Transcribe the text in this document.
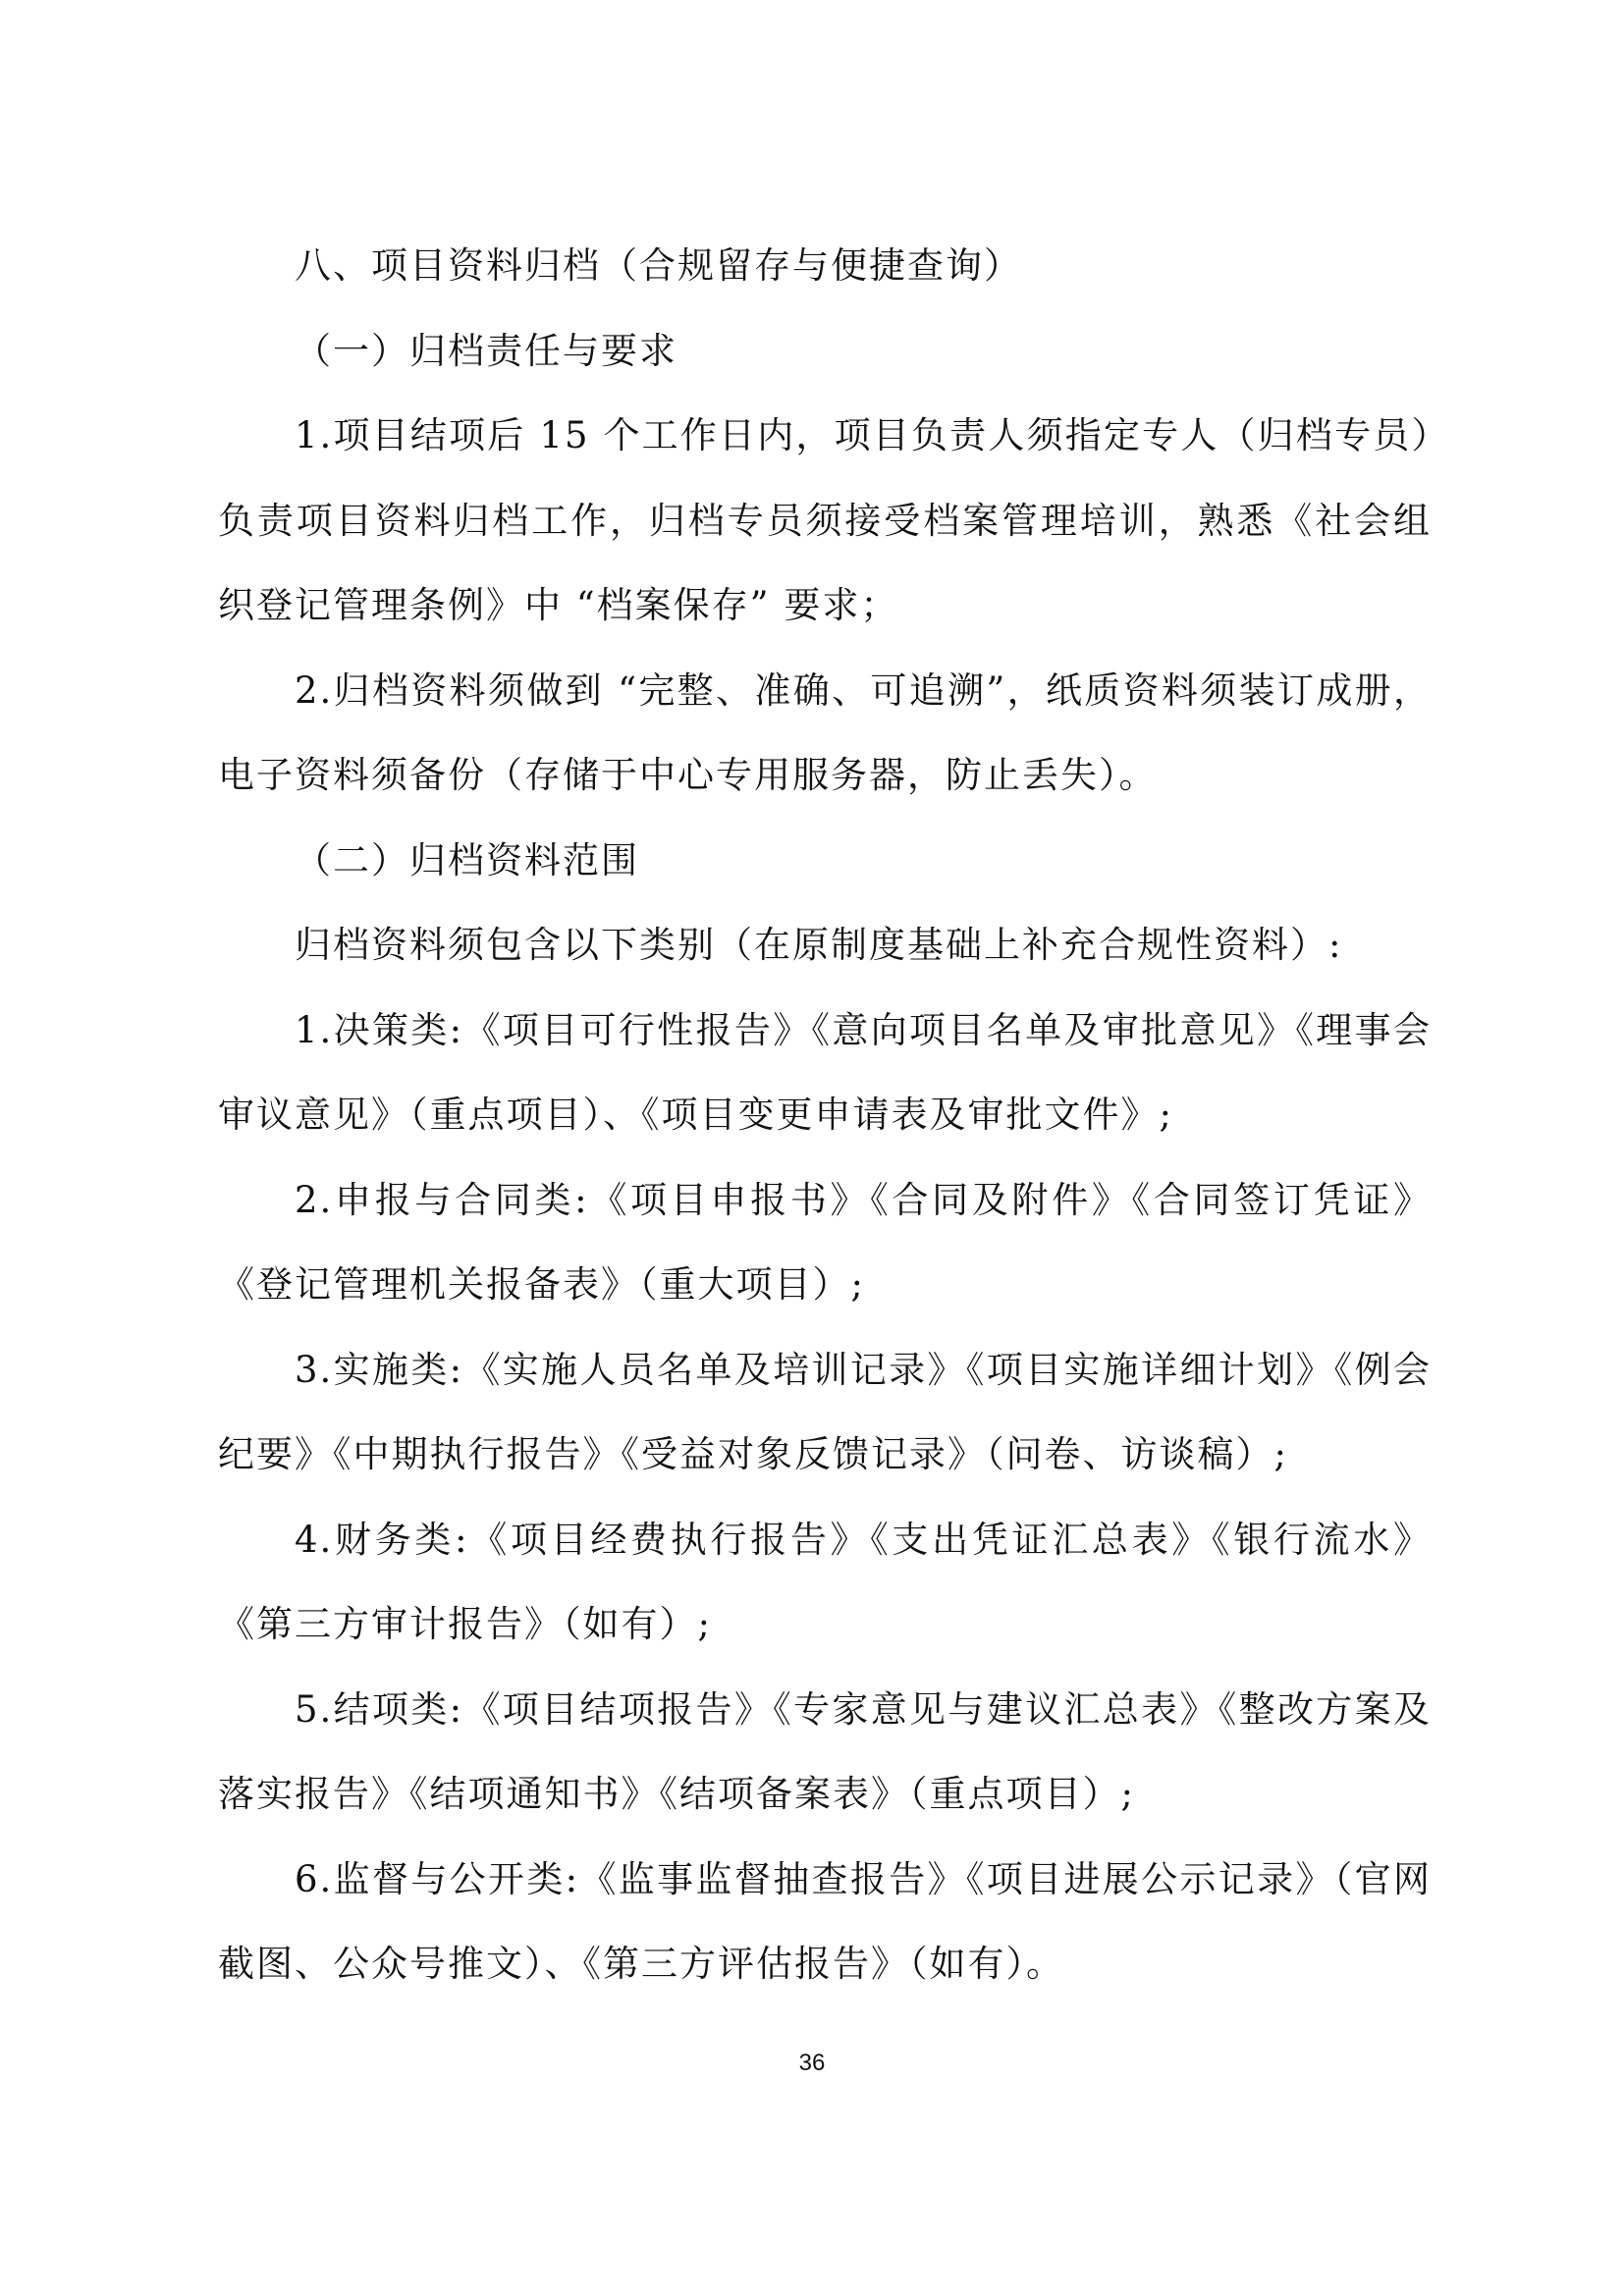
八、项目资料归档（合规留存与便捷查询）

（一）归档责任与要求

1.项目结项后 15 个工作日内，项目负责人须指定专人（归档专员）负责项目资料归档工作，归档专员须接受档案管理培训，熟悉《社会组织登记管理条例》中 “档案保存” 要求；

2.归档资料须做到 “完整、准确、可追溯”，纸质资料须装订成册，电子资料须备份（存储于中心专用服务器，防止丢失）。

（二）归档资料范围

归档资料须包含以下类别（在原制度基础上补充合规性资料）:

1.决策类:《项目可行性报告》《意向项目名单及审批意见》《理事会审议意见》（重点项目）、《项目变更申请表及审批文件》;

2.申报与合同类:《项目申报书》《合同及附件》《合同签订凭证》《登记管理机关报备表》（重大项目）;

3.实施类:《实施人员名单及培训记录》《项目实施详细计划》《例会纪要》《中期执行报告》《受益对象反馈记录》（问卷、访谈稿）;

4.财务类:《项目经费执行报告》《支出凭证汇总表》《银行流水》《第三方审计报告》（如有）;

5.结项类:《项目结项报告》《专家意见与建议汇总表》《整改方案及落实报告》《结项通知书》《结项备案表》（重点项目）;

6.监督与公开类:《监事监督抽查报告》《项目进展公示记录》（官网截图、公众号推文）、《第三方评估报告》（如有）。

36
